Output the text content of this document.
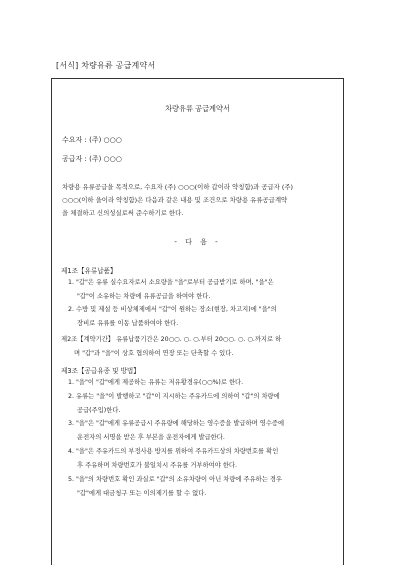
[서식] 차량유류 공급계약서
차량유류 공급계약서
수요자 : (주) ○○○
공급자 : (주) ○○○
차량용 유류공급을 목적으로, 수요자 (주) ○○○(이하 갑이라 약칭함)과 공급자 (주)
○○○(이하 을이라 약칭함)은 다음과 같은 내용 및 조건으로 차량용 유류공급계약
을 체결하고 신의성실로써 준수하기로 한다.
- 다 음 -
제1조【유류납품】
1. "갑"은 유류 실수요자로서 소요량을 "을"로부터 공급받기로 하며, "을"은
"갑"이 소유하는 차량에 유류공급을 하여야 한다.
2. 수방 및 제설 등 비상체제에서 "갑"이 원하는 장소(현장, 차고지)에 "을"의
장비로 유류를 이동 납품하여야 한다.
제2조【계약기간】 유류납품기간은 20○○. ○. ○.부터 20○○. ○. ○.까지로 하
며 "갑"과 "을"이 상호 협의하여 연장 또는 단축할 수 있다.
제3조【공급유종 및 방법】
1. "을"이 "갑"에게 제공하는 유류는 저유황경유(○○%)로 한다.
2. 유류는 "을"이 발행하고 "갑"이 지시하는 주유카드에 의하여 "갑"의 차량에
공급(주입)한다.
3. "을"은 "갑"에게 유류공급시 주유량에 해당하는 영수증을 발급하며 영수증에
운전자의 서명을 받은 후 부본을 운전자에게 발급한다.
4. "을"은 주유카드의 부정사용 방지를 위하여 주유카드상의 차량번호를 확인
후 주유하며 차량번호가 불일치시 주유를 거부하여야 한다.
5. "을"의 차량번호 확인 과실로 "갑"의 소유차량이 아닌 차량에 주유하는 경우
"갑"에게 대금청구 또는 이의제기를 할 수 없다.
